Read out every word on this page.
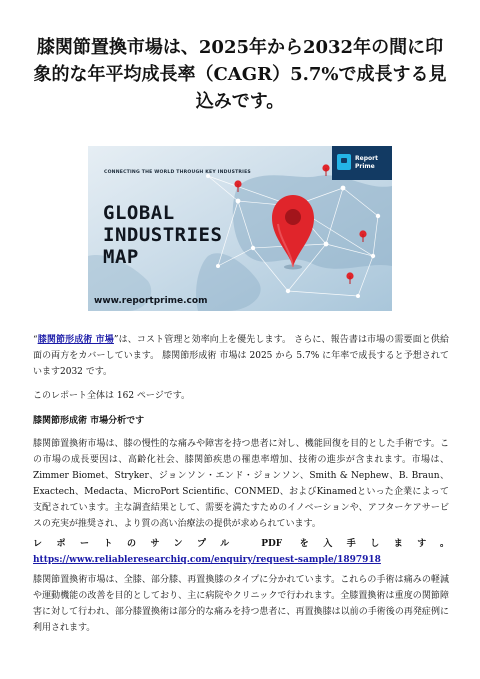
膝関節置換市場は、2025年から2032年の間に印象的な年平均成長率（CAGR）5.7%で成長する見込みです。
Report
Prime
CONNECTING THE WORLD THROUGH KEY INDUSTRIES
GLOBAL
INDUSTRIES
MAP
www.reportprime.com

“膝関節形成術 市場”は、コスト管理と効率向上を優先します。 さらに、報告書は市場の需要面と供給面の両方をカバーしています。 膝関節形成術 市場は 2025 から 5.7% に年率で成長すると予想されています2032 です。

このレポート全体は 162 ページです。

膝関節形成術 市場分析です

膝関節置換術市場は、膝の慢性的な痛みや障害を持つ患者に対し、機能回復を目的とした手術です。この市場の成長要因は、高齢化社会、膝関節疾患の罹患率増加、技術の進歩が含まれます。市場は、Zimmer Biomet、Stryker、ジョンソン・エンド・ジョンソン、Smith & Nephew、B. Braun、Exactech、Medacta、MicroPort Scientific、CONMED、およびKinamedといった企業によって支配されています。主な調査結果として、需要を満たすためのイノベーションや、アフターケアサービスの充実が推奨され、より質の高い治療法の提供が求められています。

レポートのサンプル PDF を入手します。 https://www.reliableresearchiq.com/enquiry/request-sample/1897918

膝関節置換術市場は、全膝、部分膝、再置換膝のタイプに分かれています。これらの手術は痛みの軽減や運動機能の改善を目的としており、主に病院やクリニックで行われます。全膝置換術は重度の関節障害に対して行われ、部分膝置換術は部分的な痛みを持つ患者に、再置換膝は以前の手術後の再発症例に利用されます。
